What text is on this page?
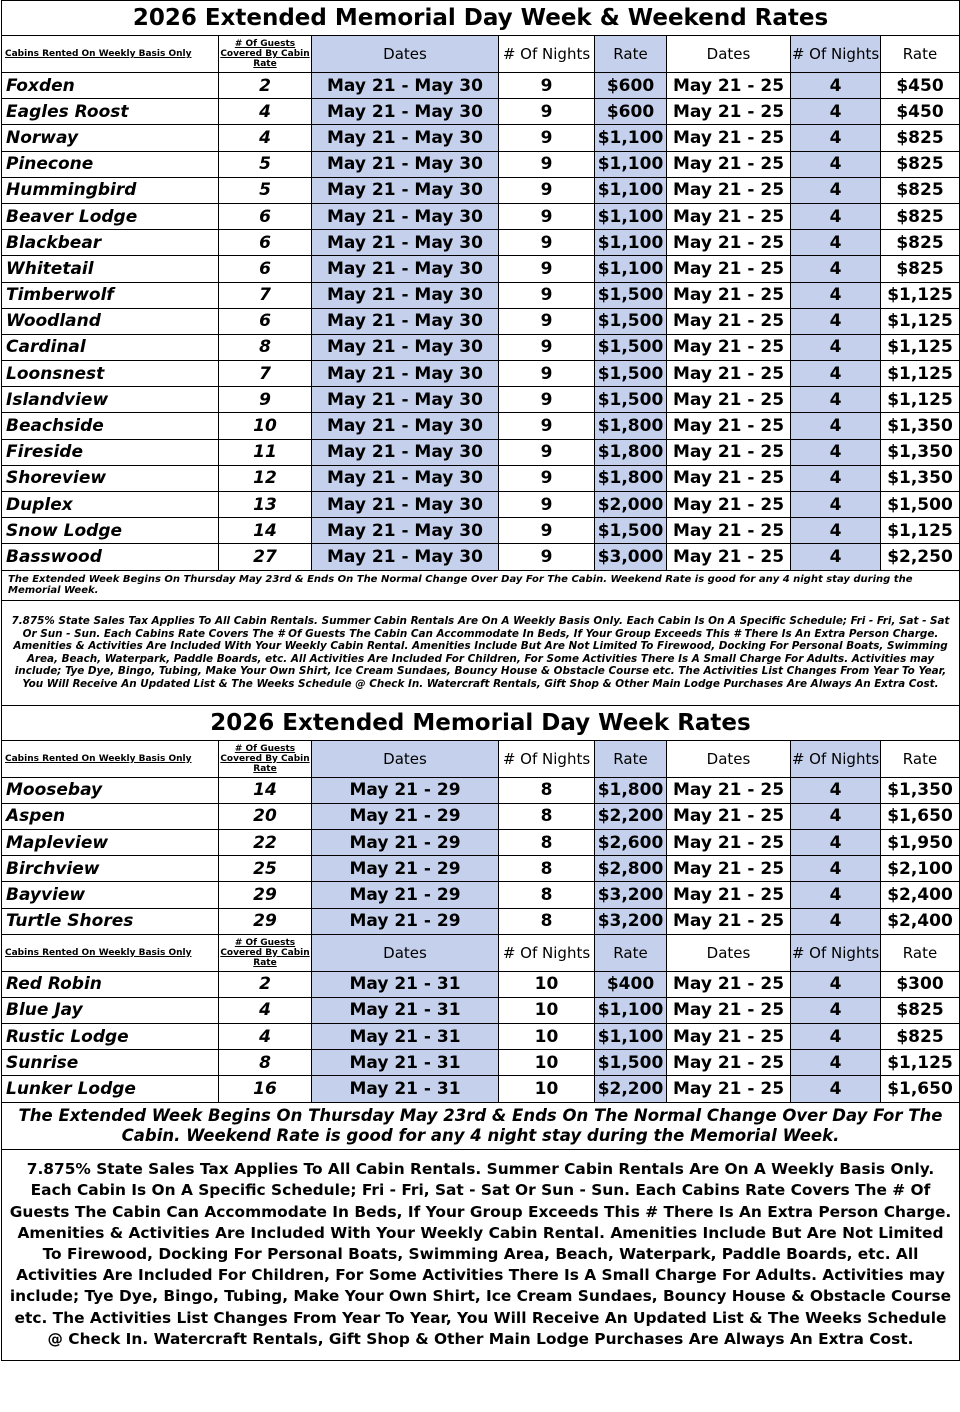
2026 Extended Memorial Day Week & Weekend Rates							
Cabins Rented On Weekly Basis Only	# Of Guests Covered By Cabin Rate	Dates	# Of Nights	Rate	Dates	# Of Nights	Rate
Foxden	2	May 21 - May 30	9	$600	May 21 - 25	4	$450
Eagles Roost	4	May 21 - May 30	9	$600	May 21 - 25	4	$450
Norway	4	May 21 - May 30	9	$1,100	May 21 - 25	4	$825
Pinecone	5	May 21 - May 30	9	$1,100	May 21 - 25	4	$825
Hummingbird	5	May 21 - May 30	9	$1,100	May 21 - 25	4	$825
Beaver Lodge	6	May 21 - May 30	9	$1,100	May 21 - 25	4	$825
Blackbear	6	May 21 - May 30	9	$1,100	May 21 - 25	4	$825
Whitetail	6	May 21 - May 30	9	$1,100	May 21 - 25	4	$825
Timberwolf	7	May 21 - May 30	9	$1,500	May 21 - 25	4	$1,125
Woodland	6	May 21 - May 30	9	$1,500	May 21 - 25	4	$1,125
Cardinal	8	May 21 - May 30	9	$1,500	May 21 - 25	4	$1,125
Loonsnest	7	May 21 - May 30	9	$1,500	May 21 - 25	4	$1,125
Islandview	9	May 21 - May 30	9	$1,500	May 21 - 25	4	$1,125
Beachside	10	May 21 - May 30	9	$1,800	May 21 - 25	4	$1,350
Fireside	11	May 21 - May 30	9	$1,800	May 21 - 25	4	$1,350
Shoreview	12	May 21 - May 30	9	$1,800	May 21 - 25	4	$1,350
Duplex	13	May 21 - May 30	9	$2,000	May 21 - 25	4	$1,500
Snow Lodge	14	May 21 - May 30	9	$1,500	May 21 - 25	4	$1,125
Basswood	27	May 21 - May 30	9	$3,000	May 21 - 25	4	$2,250
The Extended Week Begins On Thursday May 23rd & Ends On The Normal Change Over Day For The Cabin. Weekend Rate is good for any 4 night stay during the Memorial Week.							
7.875% State Sales Tax Applies To All Cabin Rentals. Summer Cabin Rentals Are On A Weekly Basis Only. Each Cabin Is On A Specific Schedule; Fri - Fri, Sat - Sat Or Sun - Sun. Each Cabins Rate Covers The # Of Guests The Cabin Can Accommodate In Beds, If Your Group Exceeds This # There Is An Extra Person Charge. Amenities & Activities Are Included With Your Weekly Cabin Rental. Amenities Include But Are Not Limited To Firewood, Docking For Personal Boats, Swimming Area, Beach, Waterpark, Paddle Boards, etc. All Activities Are Included For Children, For Some Activities There Is A Small Charge For Adults. Activities may include; Tye Dye, Bingo, Tubing, Make Your Own Shirt, Ice Cream Sundaes, Bouncy House & Obstacle Course etc. The Activities List Changes From Year To Year, You Will Receive An Updated List & The Weeks Schedule @ Check In. Watercraft Rentals, Gift Shop & Other Main Lodge Purchases Are Always An Extra Cost.							
2026 Extended Memorial Day Week Rates							
Cabins Rented On Weekly Basis Only	# Of Guests Covered By Cabin Rate	Dates	# Of Nights	Rate	Dates	# Of Nights	Rate
Moosebay	14	May 21 - 29	8	$1,800	May 21 - 25	4	$1,350
Aspen	20	May 21 - 29	8	$2,200	May 21 - 25	4	$1,650
Mapleview	22	May 21 - 29	8	$2,600	May 21 - 25	4	$1,950
Birchview	25	May 21 - 29	8	$2,800	May 21 - 25	4	$2,100
Bayview	29	May 21 - 29	8	$3,200	May 21 - 25	4	$2,400
Turtle Shores	29	May 21 - 29	8	$3,200	May 21 - 25	4	$2,400
Cabins Rented On Weekly Basis Only	# Of Guests Covered By Cabin Rate	Dates	# Of Nights	Rate	Dates	# Of Nights	Rate
Red Robin	2	May 21 - 31	10	$400	May 21 - 25	4	$300
Blue Jay	4	May 21 - 31	10	$1,100	May 21 - 25	4	$825
Rustic Lodge	4	May 21 - 31	10	$1,100	May 21 - 25	4	$825
Sunrise	8	May 21 - 31	10	$1,500	May 21 - 25	4	$1,125
Lunker Lodge	16	May 21 - 31	10	$2,200	May 21 - 25	4	$1,650
The Extended Week Begins On Thursday May 23rd & Ends On The Normal Change Over Day For The Cabin. Weekend Rate is good for any 4 night stay during the Memorial Week.							
7.875% State Sales Tax Applies To All Cabin Rentals. Summer Cabin Rentals Are On A Weekly Basis Only. Each Cabin Is On A Specific Schedule; Fri - Fri, Sat - Sat Or Sun - Sun. Each Cabins Rate Covers The # Of Guests The Cabin Can Accommodate In Beds, If Your Group Exceeds This # There Is An Extra Person Charge. Amenities & Activities Are Included With Your Weekly Cabin Rental. Amenities Include But Are Not Limited To Firewood, Docking For Personal Boats, Swimming Area, Beach, Waterpark, Paddle Boards, etc. All Activities Are Included For Children, For Some Activities There Is A Small Charge For Adults. Activities may include; Tye Dye, Bingo, Tubing, Make Your Own Shirt, Ice Cream Sundaes, Bouncy House & Obstacle Course etc. The Activities List Changes From Year To Year, You Will Receive An Updated List & The Weeks Schedule @ Check In. Watercraft Rentals, Gift Shop & Other Main Lodge Purchases Are Always An Extra Cost.							
